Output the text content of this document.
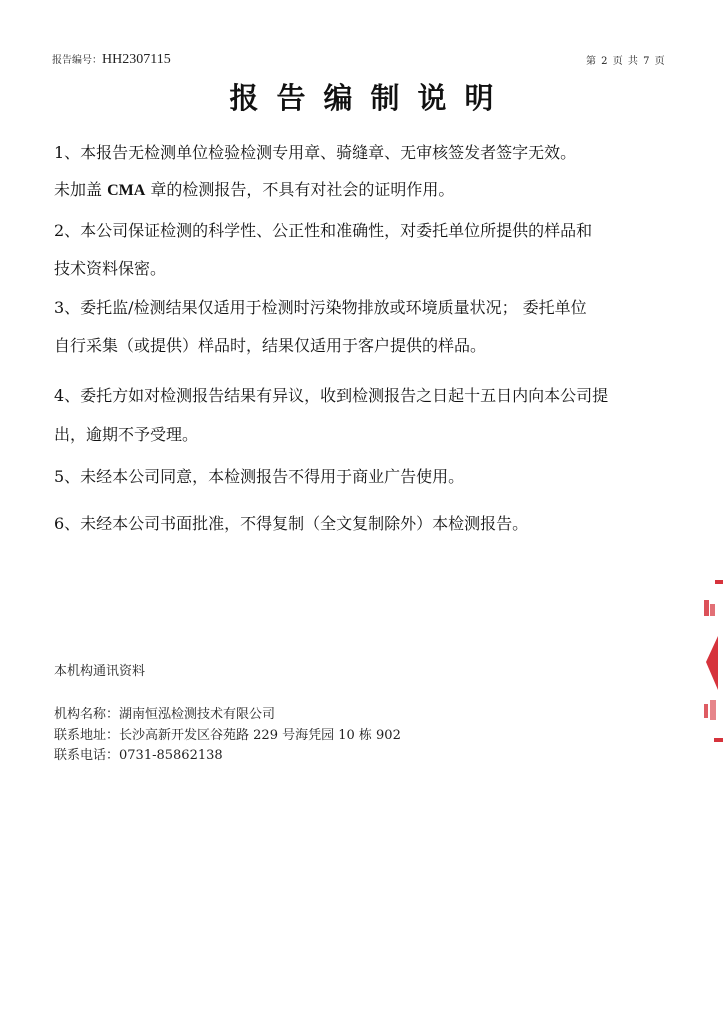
报告编号：HH2307115	第 2 页 共 7 页
报告编制说明
1、本报告无检测单位检验检测专用章、骑缝章、无审核签发者签字无效。
未加盖 CMA 章的检测报告，不具有对社会的证明作用。
2、本公司保证检测的科学性、公正性和准确性，对委托单位所提供的样品和
技术资料保密。
3、委托监/检测结果仅适用于检测时污染物排放或环境质量状况； 委托单位
自行采集（或提供）样品时，结果仅适用于客户提供的样品。
4、委托方如对检测报告结果有异议，收到检测报告之日起十五日内向本公司提
出，逾期不予受理。
5、未经本公司同意，本检测报告不得用于商业广告使用。
6、未经本公司书面批准，不得复制（全文复制除外）本检测报告。
本机构通讯资料
机构名称：湖南恒泓检测技术有限公司
联系地址：长沙高新开发区谷苑路 229 号海凭园 10 栋 902
联系电话：0731-85862138
